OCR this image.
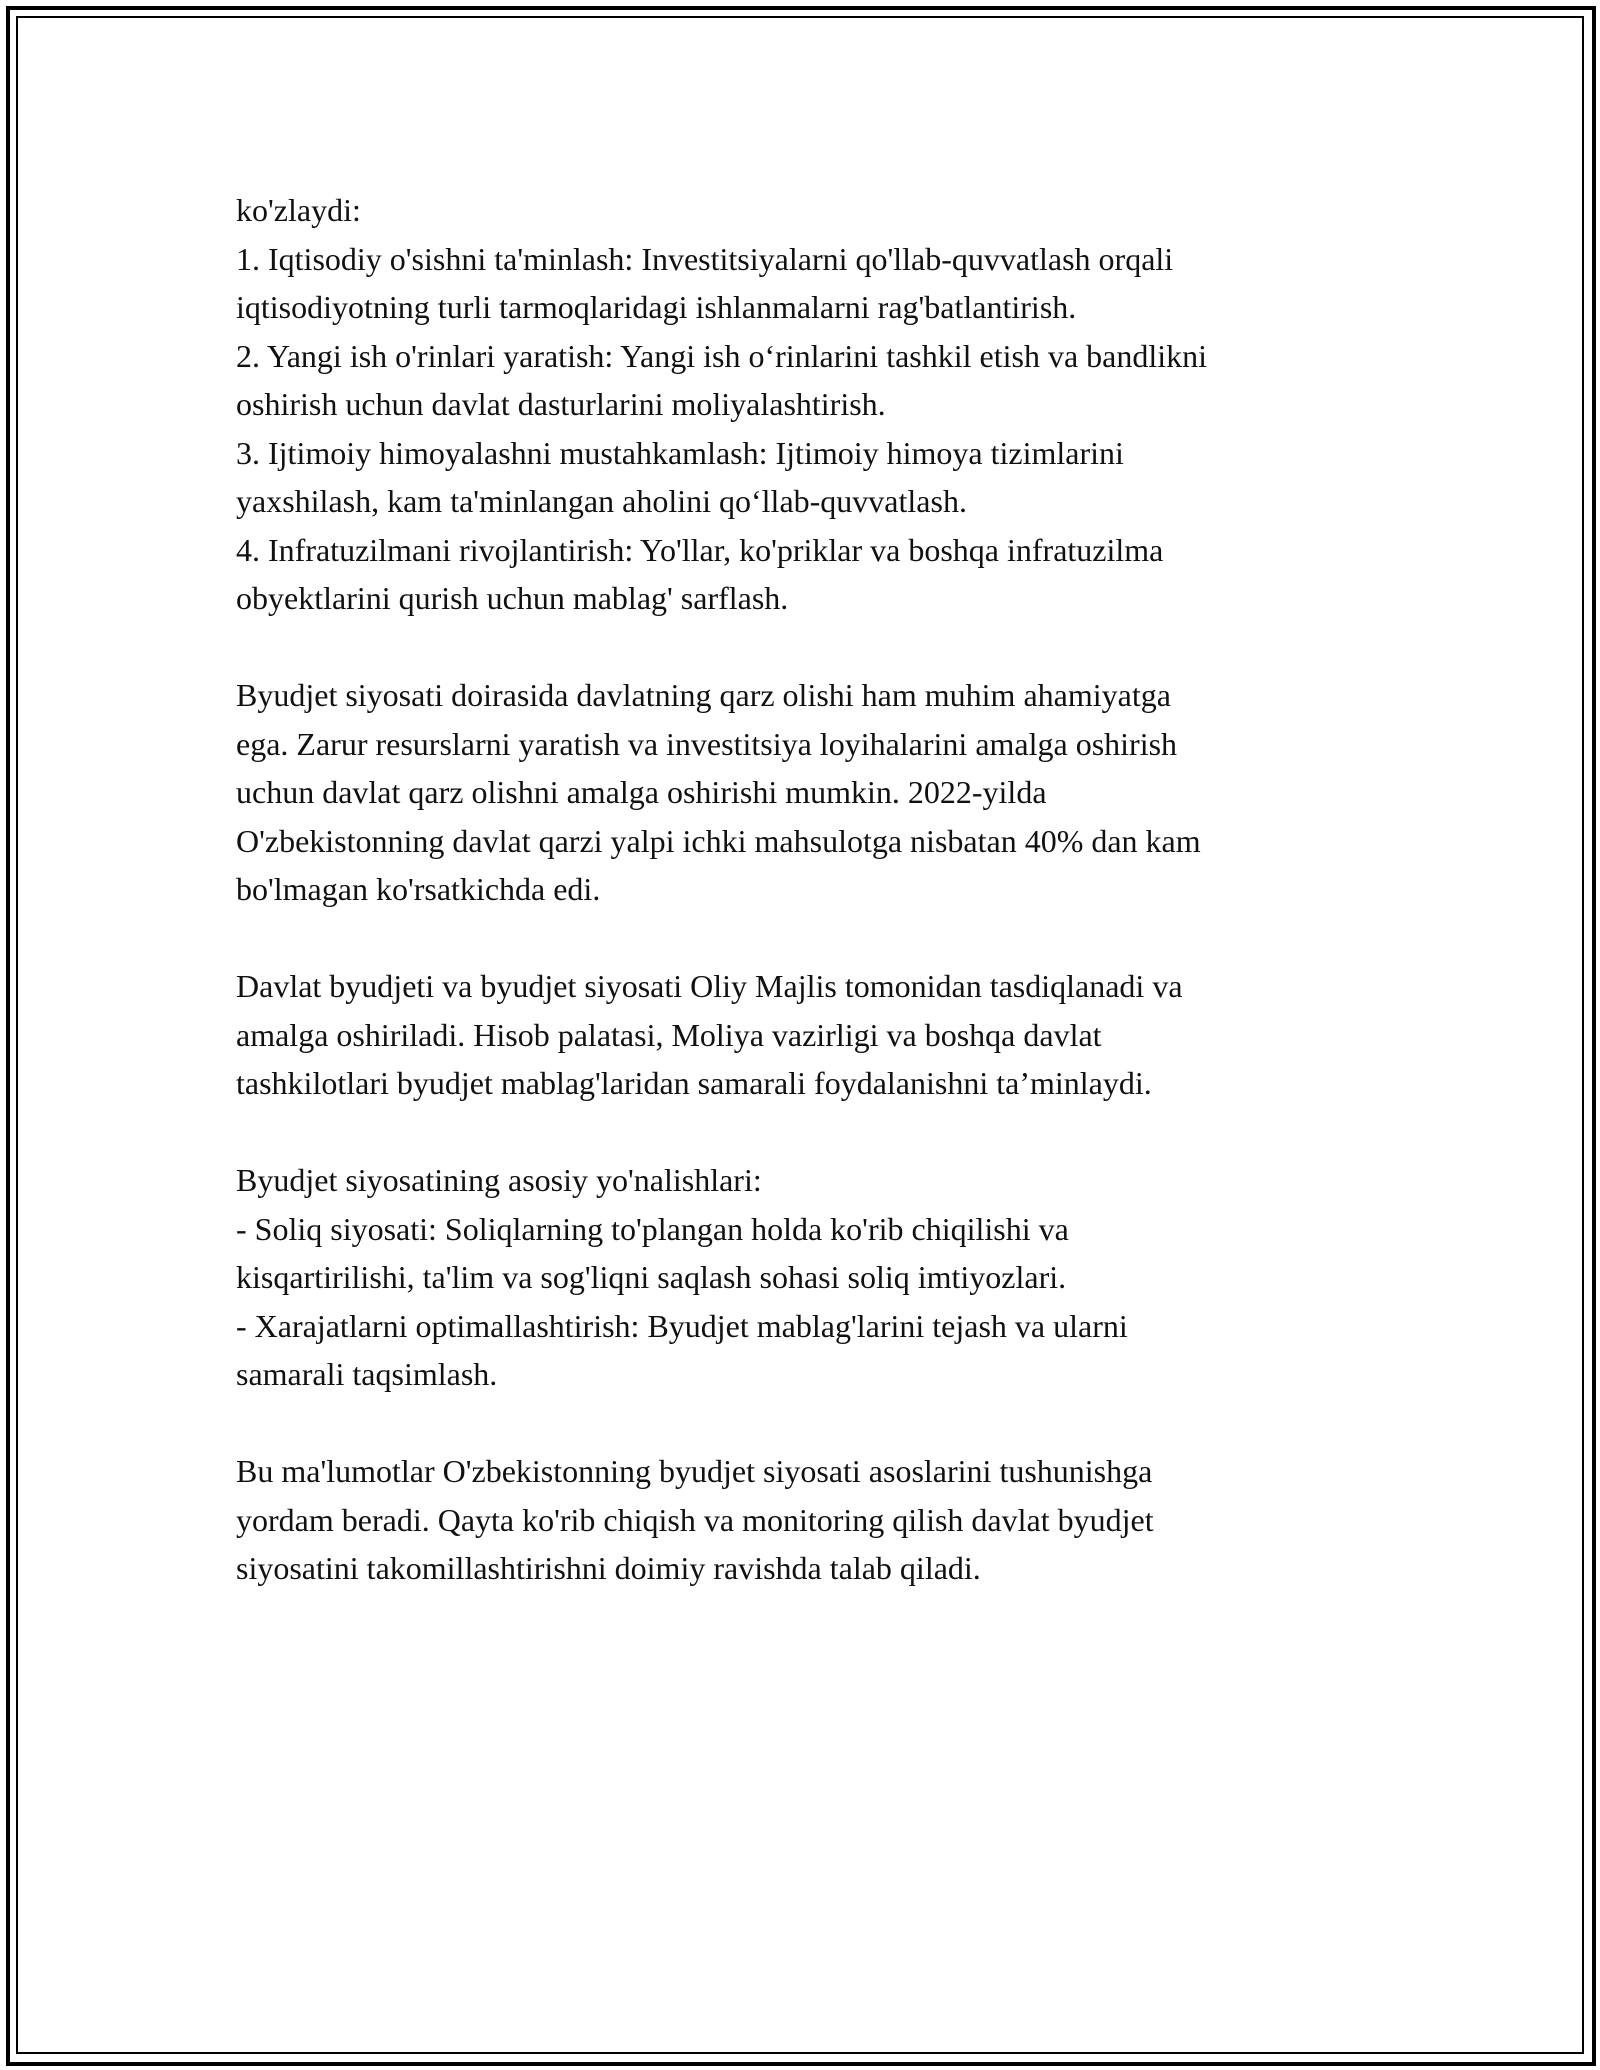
ko'zlaydi:
1. Iqtisodiy o'sishni ta'minlash: Investitsiyalarni qo'llab-quvvatlash orqali
iqtisodiyotning turli tarmoqlaridagi ishlanmalarni rag'batlantirish.
2. Yangi ish o'rinlari yaratish: Yangi ish o‘rinlarini tashkil etish va bandlikni
oshirish uchun davlat dasturlarini moliyalashtirish.
3. Ijtimoiy himoyalashni mustahkamlash: Ijtimoiy himoya tizimlarini
yaxshilash, kam ta'minlangan aholini qo‘llab-quvvatlash.
4. Infratuzilmani rivojlantirish: Yo'llar, ko'priklar va boshqa infratuzilma
obyektlarini qurish uchun mablag' sarflash.
Byudjet siyosati doirasida davlatning qarz olishi ham muhim ahamiyatga
ega. Zarur resurslarni yaratish va investitsiya loyihalarini amalga oshirish
uchun davlat qarz olishni amalga oshirishi mumkin. 2022-yilda
O'zbekistonning davlat qarzi yalpi ichki mahsulotga nisbatan 40% dan kam
bo'lmagan ko'rsatkichda edi.
Davlat byudjeti va byudjet siyosati Oliy Majlis tomonidan tasdiqlanadi va
amalga oshiriladi. Hisob palatasi, Moliya vazirligi va boshqa davlat
tashkilotlari byudjet mablag'laridan samarali foydalanishni ta’minlaydi.
Byudjet siyosatining asosiy yo'nalishlari:
- Soliq siyosati: Soliqlarning to'plangan holda ko'rib chiqilishi va
kisqartirilishi, ta'lim va sog'liqni saqlash sohasi soliq imtiyozlari.
- Xarajatlarni optimallashtirish: Byudjet mablag'larini tejash va ularni
samarali taqsimlash.
Bu ma'lumotlar O'zbekistonning byudjet siyosati asoslarini tushunishga
yordam beradi. Qayta ko'rib chiqish va monitoring qilish davlat byudjet
siyosatini takomillashtirishni doimiy ravishda talab qiladi.
